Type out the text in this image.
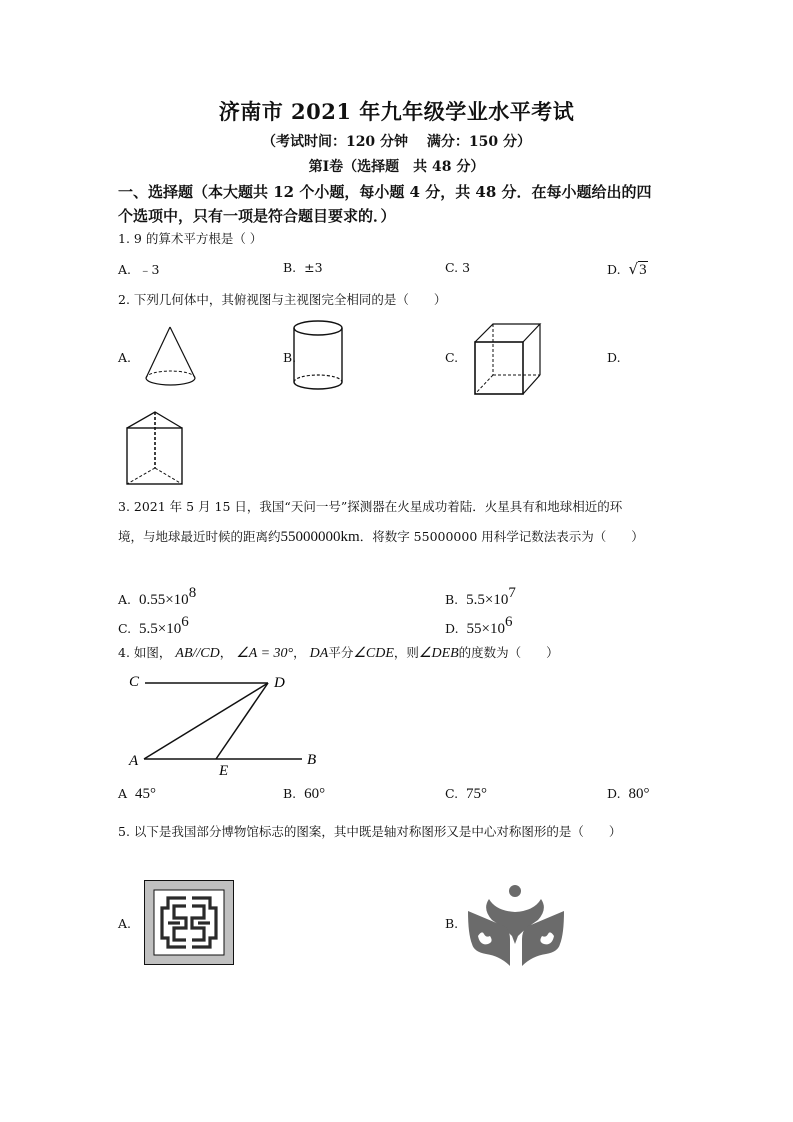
济南市 2021 年九年级学业水平考试
（考试时间：120 分钟　 满分：150 分）
第Ⅰ卷（选择题　共 48 分）
一、选择题（本大题共 12 个小题，每小题 4 分，共 48 分．在每小题给出的四
个选项中，只有一项是符合题目要求的．）
1. 9 的算术平方根是（ ）
A. ﹣3	B. ±3	C. 3	D. √3
2. 下列几何体中，其俯视图与主视图完全相同的是（　　）
A.	B.	C.	D.
3. 2021 年 5 月 15 日，我国“天问一号”探测器在火星成功着陆．火星具有和地球相近的环
境，与地球最近时候的距离约55000000km．将数字 55000000 用科学记数法表示为（　　）
A. $0.55\times 10^8$	B. $5.5\times 10^7$
C. $5.5\times 10^6$	D. $55\times 10^6$
4. 如图， AB//CD， ∠A = 30°， DA平分∠CDE，则∠DEB的度数为（　　）
C	D
A
E
B
A 45°	B. 60°	C. 75°	D. 80°
5. 以下是我国部分博物馆标志的图案，其中既是轴对称图形又是中心对称图形的是（　　）
A.	B.
